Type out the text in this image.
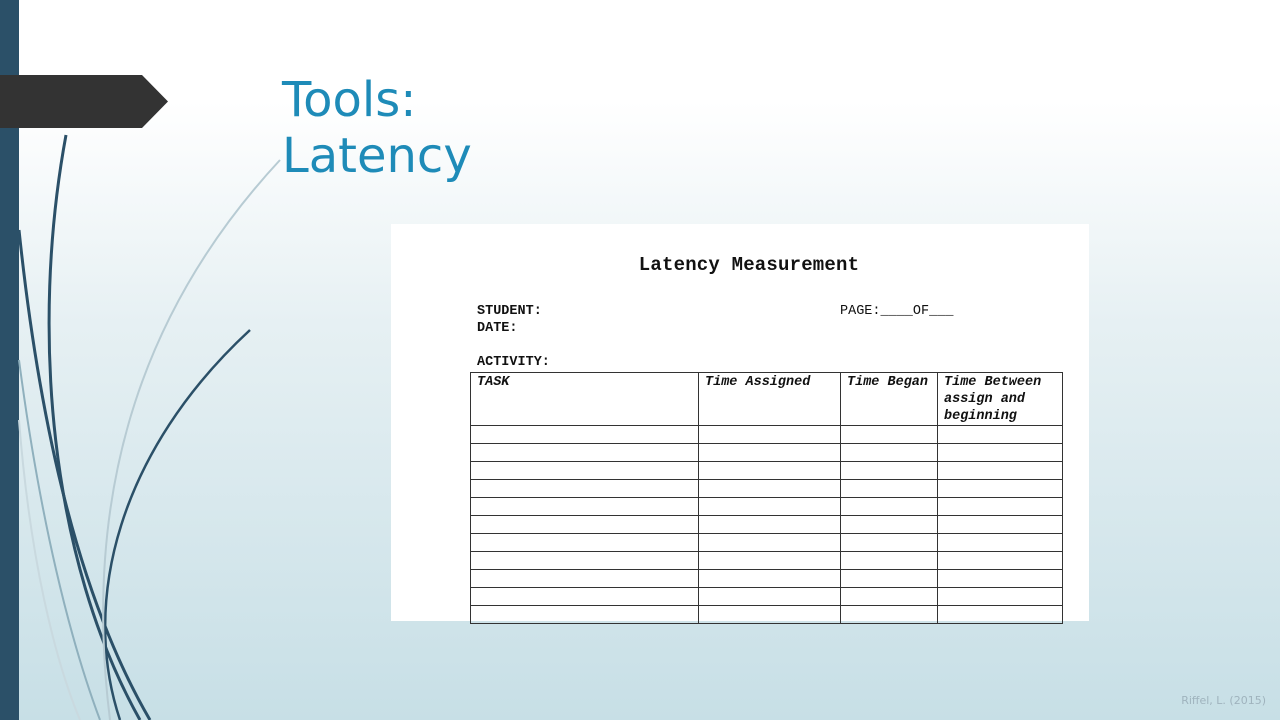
Tools:
Latency
Latency Measurement
STUDENT:
DATE:
ACTIVITY:
PAGE:____OF___
TASK	Time Assigned	Time Began	Time Between assign and beginning

Riffel, L. (2015)
